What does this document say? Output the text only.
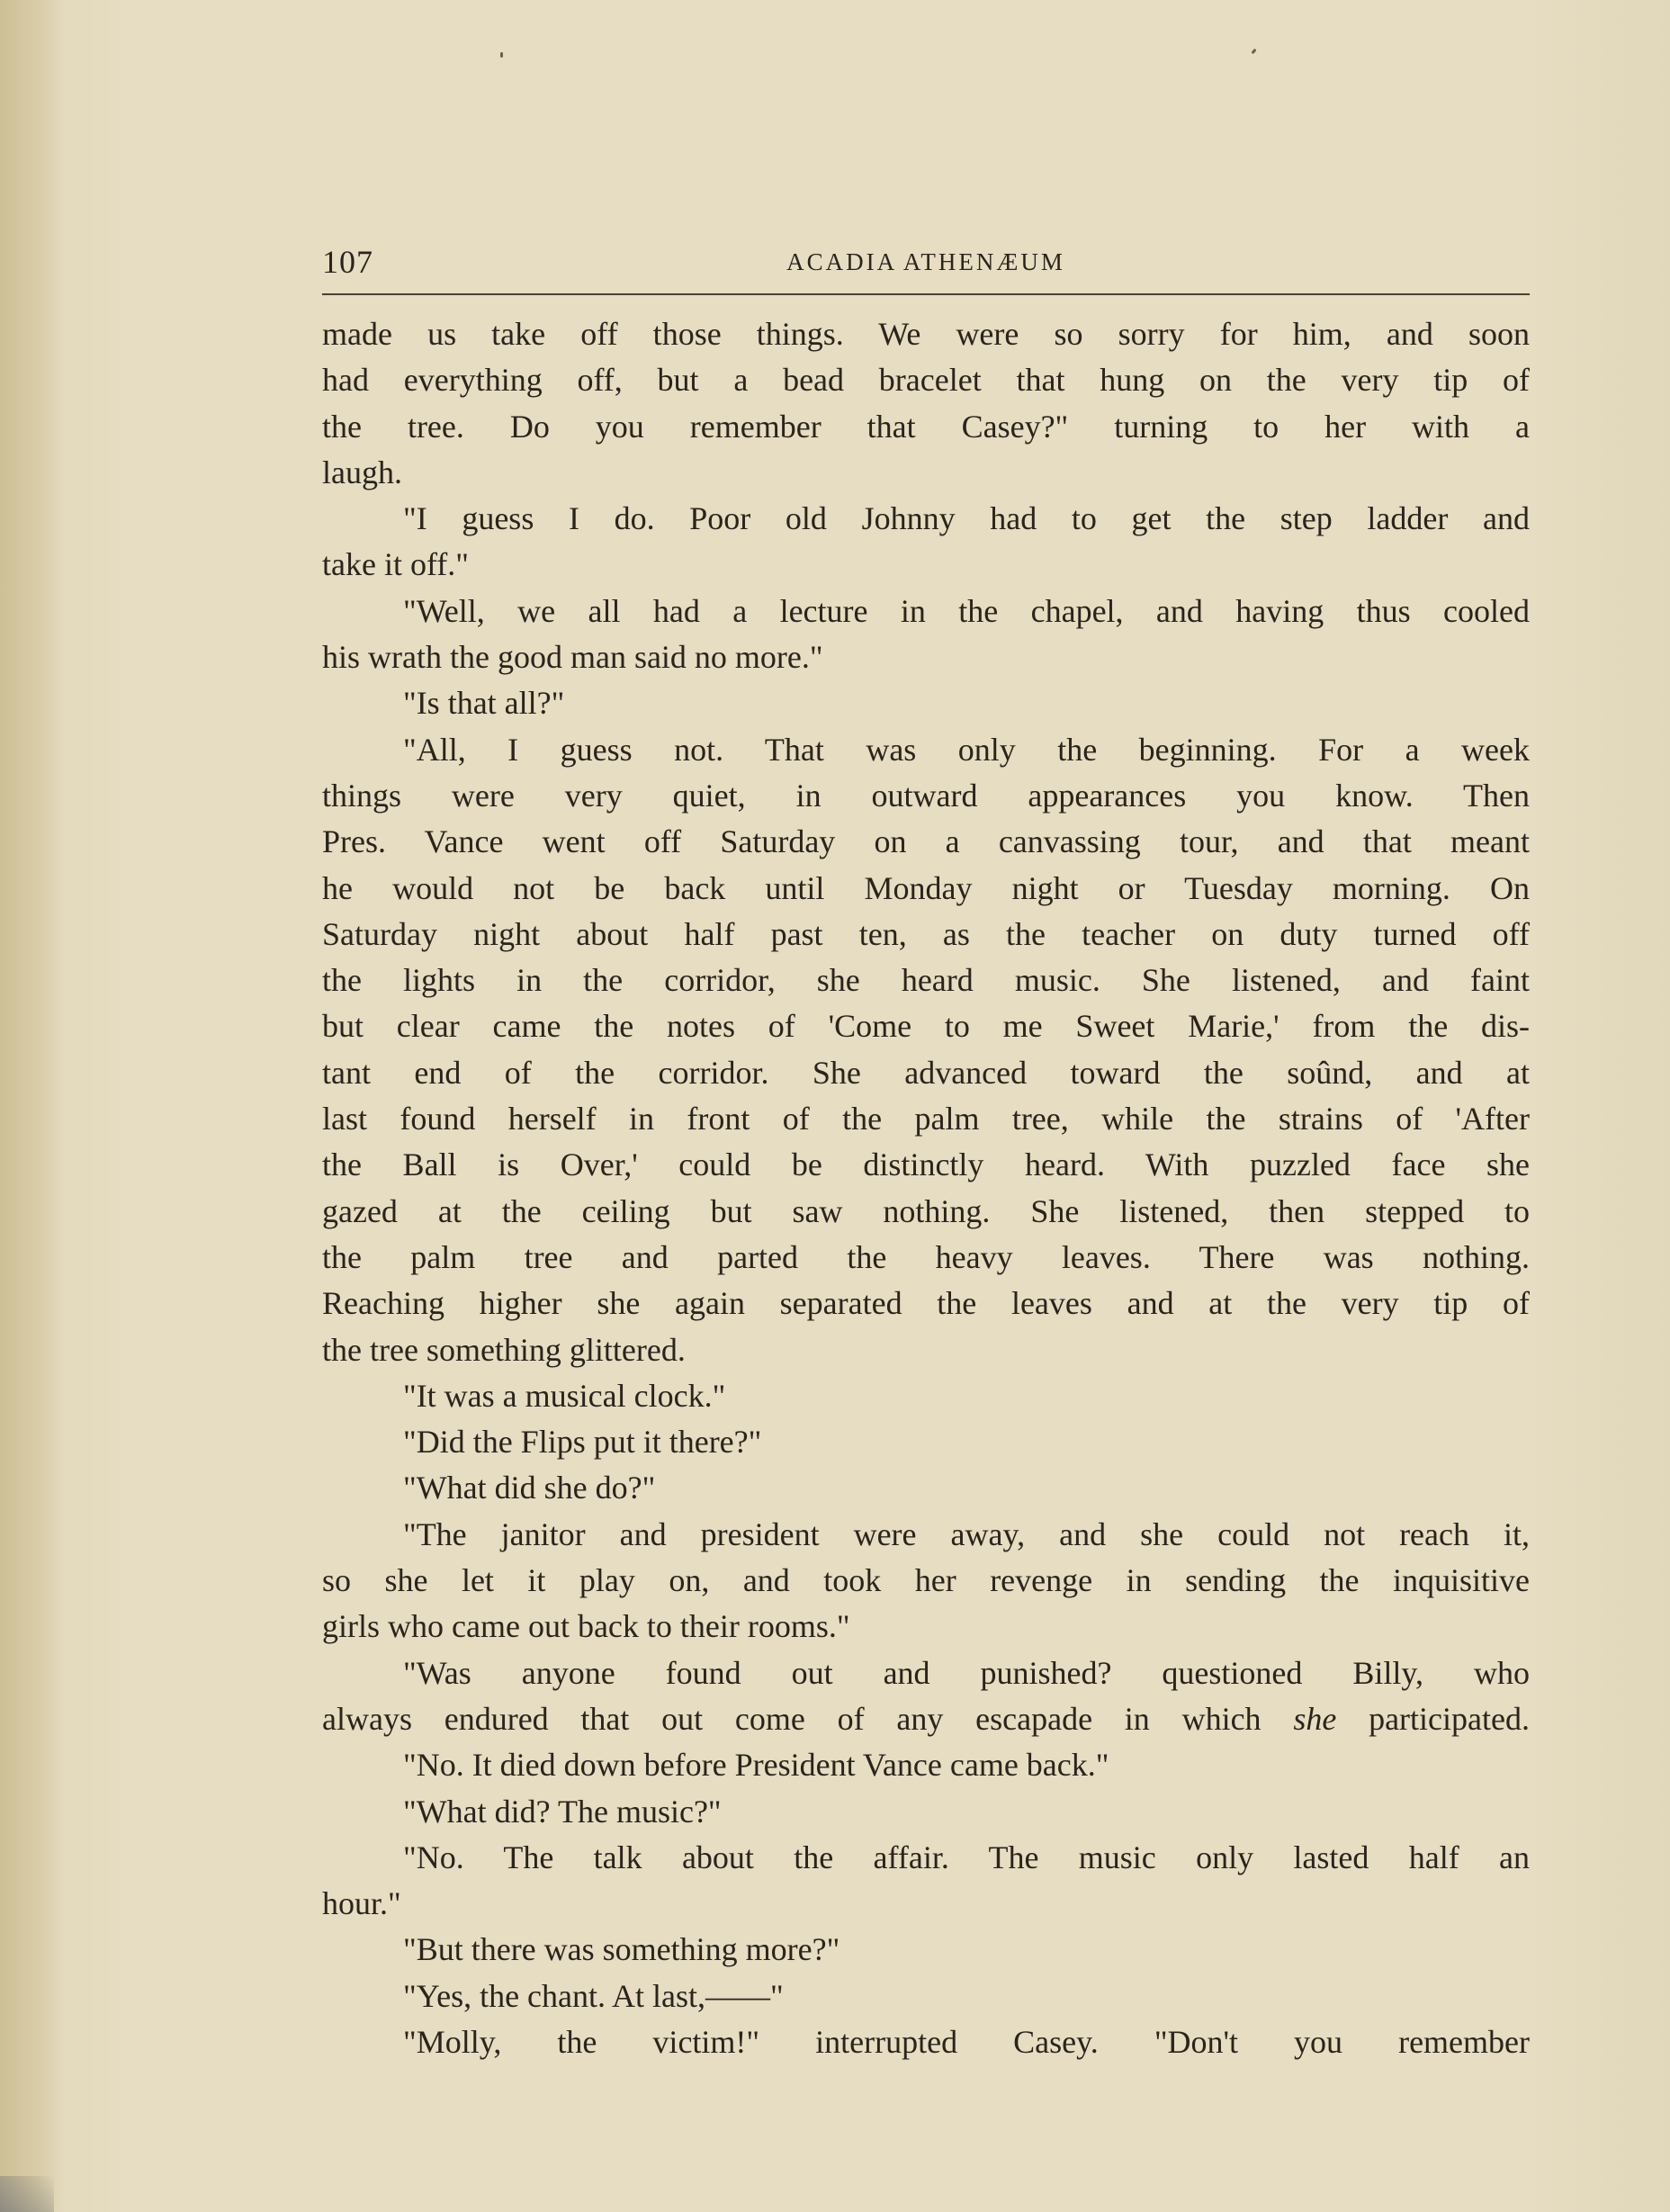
107	ACADIA ATHENÆUM
made us take off those things. We were so sorry for him, and soon
had everything off, but a bead bracelet that hung on the very tip of
the tree. Do you remember that Casey?" turning to her with a
laugh.
"I guess I do. Poor old Johnny had to get the step ladder and
take it off."
"Well, we all had a lecture in the chapel, and having thus cooled
his wrath the good man said no more."
"Is that all?"
"All, I guess not. That was only the beginning. For a week
things were very quiet, in outward appearances you know. Then
Pres. Vance went off Saturday on a canvassing tour, and that meant
he would not be back until Monday night or Tuesday morning. On
Saturday night about half past ten, as the teacher on duty turned off
the lights in the corridor, she heard music. She listened, and faint
but clear came the notes of 'Come to me Sweet Marie,' from the dis-
tant end of the corridor. She advanced toward the soûnd, and at
last found herself in front of the palm tree, while the strains of 'After
the Ball is Over,' could be distinctly heard. With puzzled face she
gazed at the ceiling but saw nothing. She listened, then stepped to
the palm tree and parted the heavy leaves. There was nothing.
Reaching higher she again separated the leaves and at the very tip of
the tree something glittered.
"It was a musical clock."
"Did the Flips put it there?"
"What did she do?"
"The janitor and president were away, and she could not reach it,
so she let it play on, and took her revenge in sending the inquisitive
girls who came out back to their rooms."
"Was anyone found out and punished? questioned Billy, who
always endured that out come of any escapade in which she participated.
"No. It died down before President Vance came back."
"What did? The music?"
"No. The talk about the affair. The music only lasted half an
hour."
"But there was something more?"
"Yes, the chant. At last,——"
"Molly, the victim!" interrupted Casey. "Don't you remember
